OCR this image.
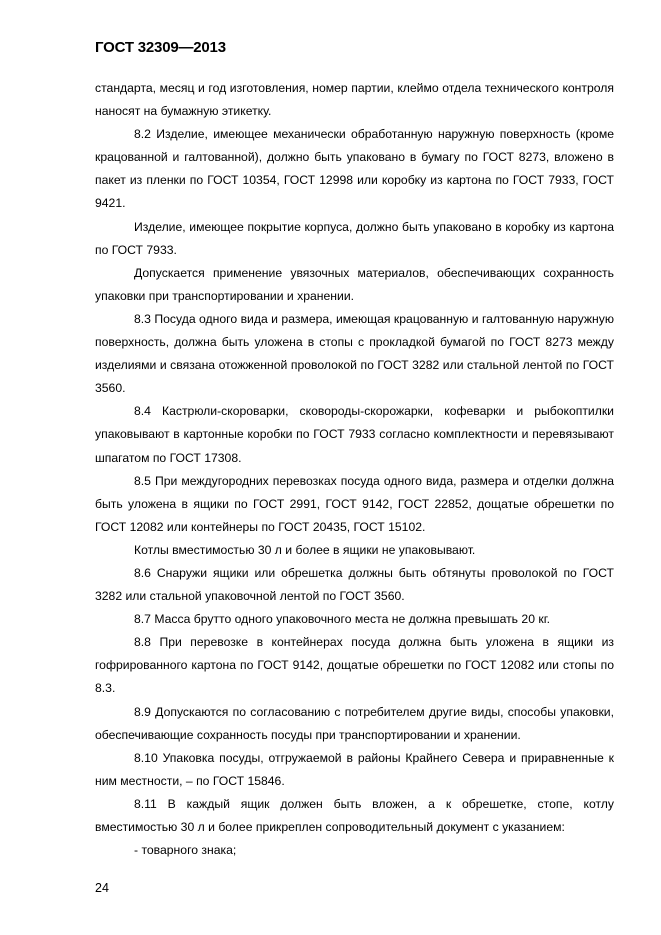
ГОСТ 32309—2013

стандарта, месяц и год изготовления, номер партии, клеймо отдела технического контроля наносят на бумажную этикетку.

8.2 Изделие, имеющее механически обработанную наружную поверхность (кроме крацованной и галтованной), должно быть упаковано в бумагу по ГОСТ 8273, вложено в пакет из пленки по ГОСТ 10354, ГОСТ 12998 или коробку из картона по ГОСТ 7933, ГОСТ 9421.

Изделие, имеющее покрытие корпуса, должно быть упаковано в коробку из картона по ГОСТ 7933.

Допускается применение увязочных материалов, обеспечивающих сохранность упаковки при транспортировании и хранении.

8.3 Посуда одного вида и размера, имеющая крацованную и галтованную наружную поверхность, должна быть уложена в стопы с прокладкой бумагой по ГОСТ 8273 между изделиями и связана отожженной проволокой по ГОСТ 3282 или стальной лентой по ГОСТ 3560.

8.4 Кастрюли-скороварки, сковороды-скорожарки, кофеварки и рыбокоптилки упаковывают в картонные коробки по ГОСТ 7933 согласно комплектности и перевязывают шпагатом по ГОСТ 17308.

8.5 При междугородних перевозках посуда одного вида, размера и отделки должна быть уложена в ящики по ГОСТ 2991, ГОСТ 9142, ГОСТ 22852, дощатые обрешетки по ГОСТ 12082 или контейнеры по ГОСТ 20435, ГОСТ 15102.

Котлы вместимостью 30 л и более в ящики не упаковывают.

8.6 Снаружи ящики или обрешетка должны быть обтянуты проволокой по ГОСТ 3282 или стальной упаковочной лентой по ГОСТ 3560.

8.7 Масса брутто одного упаковочного места не должна превышать 20 кг.

8.8 При перевозке в контейнерах посуда должна быть уложена в ящики из гофрированного картона по ГОСТ 9142, дощатые обрешетки по ГОСТ 12082 или стопы по 8.3.

8.9 Допускаются по согласованию с потребителем другие виды, способы упаковки, обеспечивающие сохранность посуды при транспортировании и хранении.

8.10 Упаковка посуды, отгружаемой в районы Крайнего Севера и приравненные к ним местности, – по ГОСТ 15846.

8.11 В каждый ящик должен быть вложен, а к обрешетке, стопе, котлу вместимостью 30 л и более прикреплен сопроводительный документ с указанием:

- товарного знака;

24
